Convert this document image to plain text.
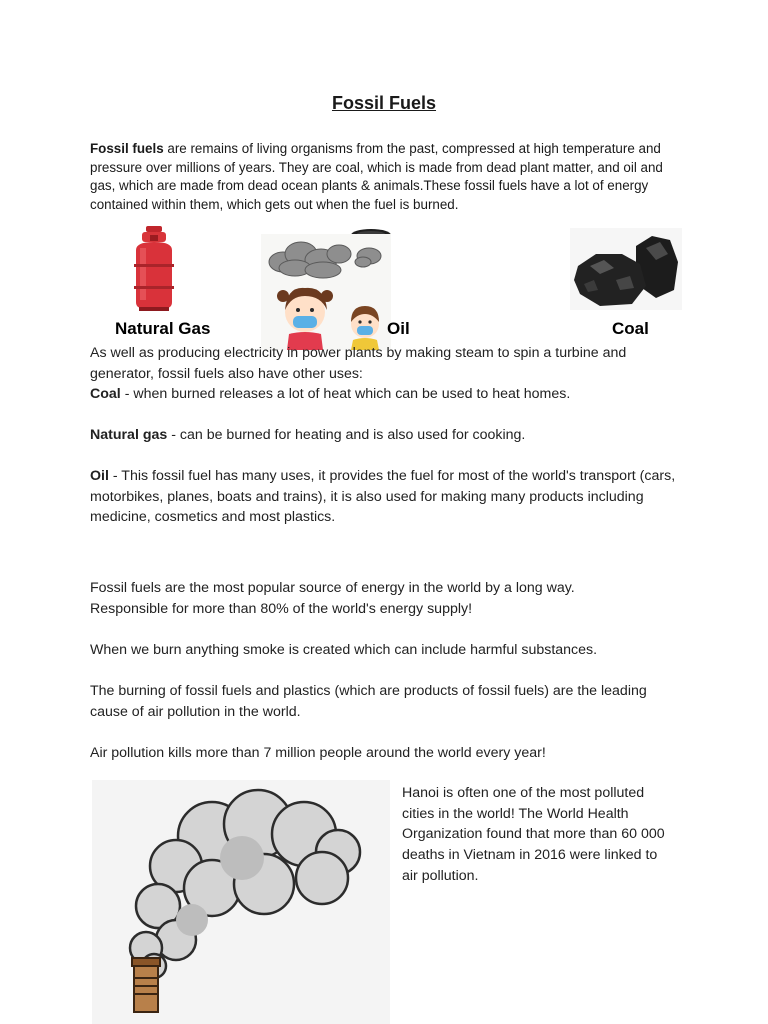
Fossil Fuels

Fossil fuels are remains of living organisms from the past, compressed at high temperature and pressure over millions of years. They are coal, which is made from dead plant matter, and oil and gas, which are made from dead ocean plants & animals.These fossil fuels have a lot of energy contained within them, which gets out when the fuel is burned.

Natural Gas	Oil	Coal

As well as producing electricity in power plants by making steam to spin a turbine and
generator, fossil fuels also have other uses:
Coal - when burned releases a lot of heat which can be used to heat homes.

Natural gas - can be burned for heating and is also used for cooking.

Oil - This fossil fuel has many uses, it provides the fuel for most of the world's transport (cars, motorbikes, planes, boats and trains), it is also used for making many products including medicine, cosmetics and most plastics.

Fossil fuels are the most popular source of energy in the world by a long way. Responsible for more than 80% of the world's energy supply!

When we burn anything smoke is created which can include harmful substances.

The burning of fossil fuels and plastics (which are products of fossil fuels) are the leading cause of air pollution in the world.

Air pollution kills more than 7 million people around the world every year!

Hanoi is often one of the most polluted cities in the world! The World Health Organization found that more than 60 000 deaths in Vietnam in 2016 were linked to air pollution.
